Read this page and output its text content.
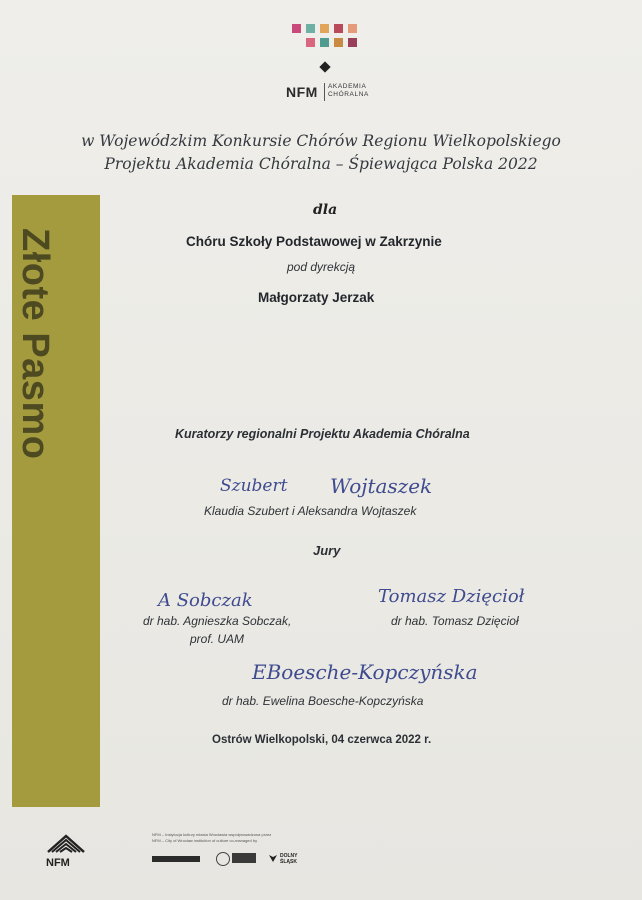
NFM AKADEMIA
CHÓRALNA
w Wojewódzkim Konkursie Chórów Regionu Wielkopolskiego
Projektu Akademia Chóralna – Śpiewająca Polska 2022
Złote Pasmo
dla
Chóru Szkoły Podstawowej w Zakrzynie
pod dyrekcją
Małgorzaty Jerzak
Kuratorzy regionalni Projektu Akademia Chóralna
Szubert Wojtaszek
Klaudia Szubert i Aleksandra Wojtaszek
Jury
A Sobczak
dr hab. Agnieszka Sobczak,
prof. UAM
Tomasz Dzięcioł
dr hab. Tomasz Dzięcioł
EBoesche-Kopczyńska
dr hab. Ewelina Boesche-Kopczyńska
Ostrów Wielkopolski, 04 czerwca 2022 r.
NFM
NFM – Instytucja kultury miasta Wrocławia współprowadzona przez
NFM – City of Wrocław institution of culture co-managed by
DOLNY ŚLĄSK
